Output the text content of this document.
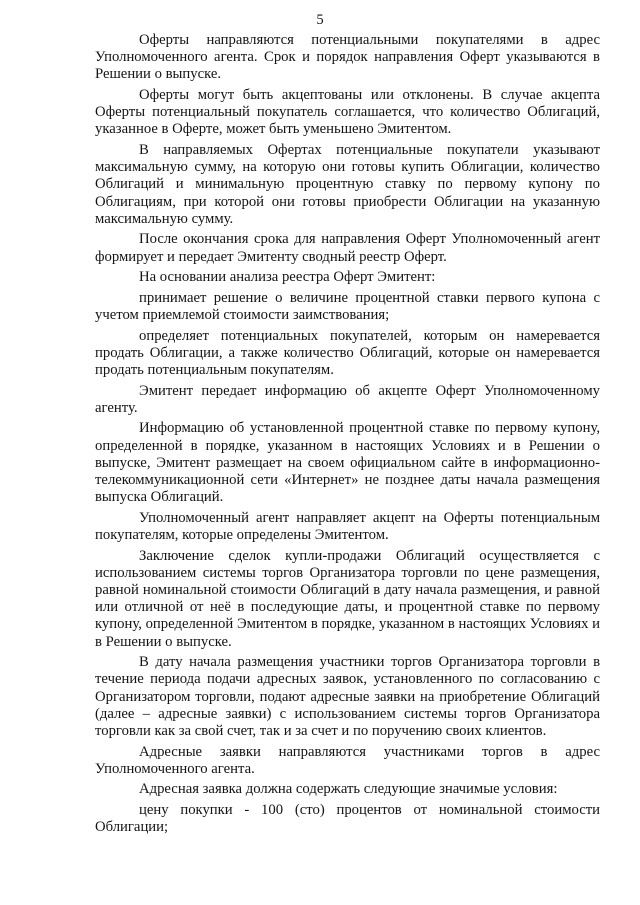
5

Оферты направляются потенциальными покупателями в адрес Уполномоченного агента. Срок и порядок направления Оферт указываются в Решении о выпуске.

Оферты могут быть акцептованы или отклонены. В случае акцепта Оферты потенциальный покупатель соглашается, что количество Облигаций, указанное в Оферте, может быть уменьшено Эмитентом.

В направляемых Офертах потенциальные покупатели указывают максимальную сумму, на которую они готовы купить Облигации, количество Облигаций и минимальную процентную ставку по первому купону по Облигациям, при которой они готовы приобрести Облигации на указанную максимальную сумму.

После окончания срока для направления Оферт Уполномоченный агент формирует и передает Эмитенту сводный реестр Оферт.

На основании анализа реестра Оферт Эмитент:

принимает решение о величине процентной ставки первого купона с учетом приемлемой стоимости заимствования;

определяет потенциальных покупателей, которым он намеревается продать Облигации, а также количество Облигаций, которые он намеревается продать потенциальным покупателям.

Эмитент передает информацию об акцепте Оферт Уполномоченному агенту.

Информацию об установленной процентной ставке по первому купону, определенной в порядке, указанном в настоящих Условиях и в Решении о выпуске, Эмитент размещает на своем официальном сайте в информационно-телекоммуникационной сети «Интернет» не позднее даты начала размещения выпуска Облигаций.

Уполномоченный агент направляет акцепт на Оферты потенциальным покупателям, которые определены Эмитентом.

Заключение сделок купли-продажи Облигаций осуществляется с использованием системы торгов Организатора торговли по цене размещения, равной номинальной стоимости Облигаций в дату начала размещения, и равной или отличной от неё в последующие даты, и процентной ставке по первому купону, определенной Эмитентом в порядке, указанном в настоящих Условиях и в Решении о выпуске.

В дату начала размещения участники торгов Организатора торговли в течение периода подачи адресных заявок, установленного по согласованию с Организатором торговли, подают адресные заявки на приобретение Облигаций (далее – адресные заявки) с использованием системы торгов Организатора торговли как за свой счет, так и за счет и по поручению своих клиентов.

Адресные заявки направляются участниками торгов в адрес Уполномоченного агента.

Адресная заявка должна содержать следующие значимые условия:

цену покупки - 100 (сто) процентов от номинальной стоимости Облигации;
